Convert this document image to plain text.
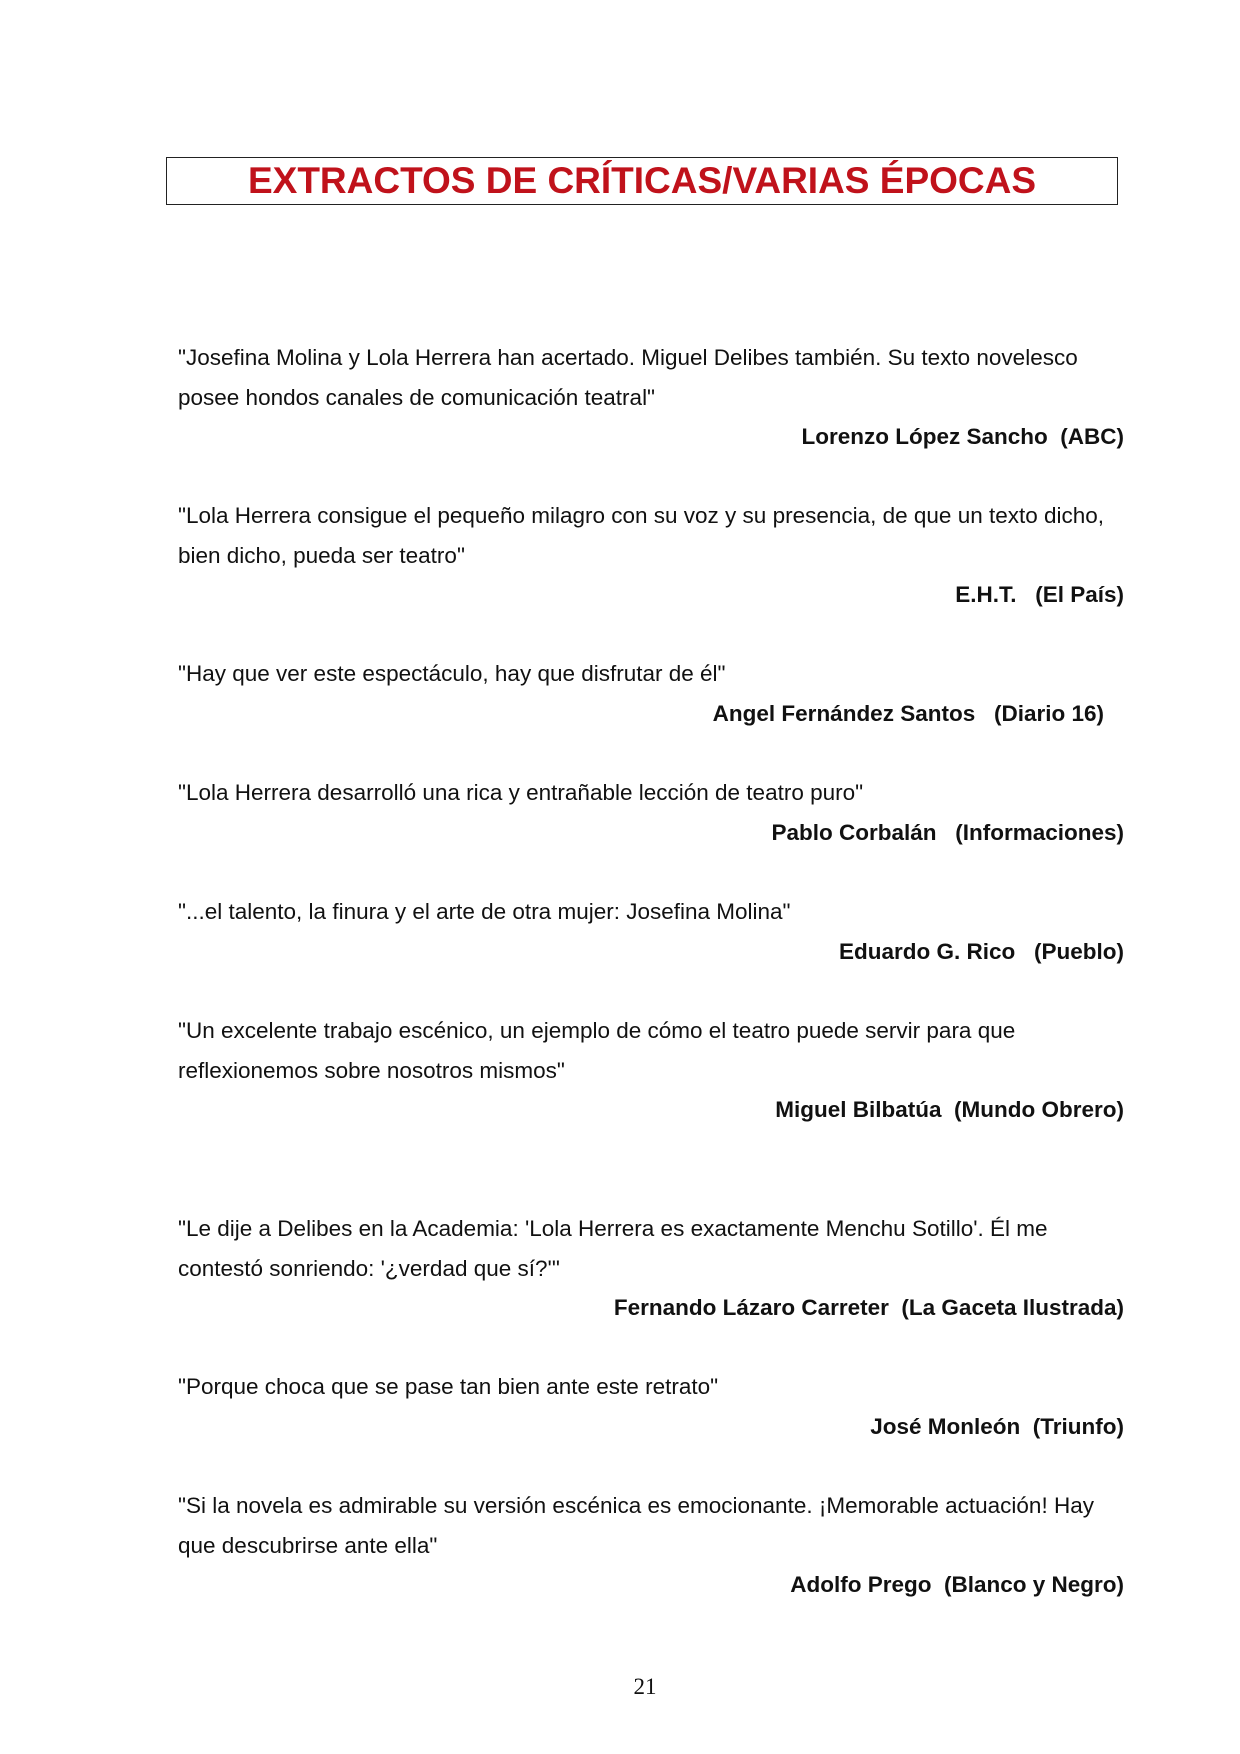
EXTRACTOS DE CRÍTICAS/VARIAS ÉPOCAS

"Josefina Molina y Lola Herrera han acertado. Miguel Delibes también. Su texto novelesco
posee hondos canales de comunicación teatral"

Lorenzo López Sancho  (ABC)

"Lola Herrera consigue el pequeño milagro con su voz y su presencia, de que un texto dicho,
bien dicho, pueda ser teatro"

E.H.T.   (El País)

"Hay que ver este espectáculo, hay que disfrutar de él"

Angel Fernández Santos   (Diario 16)

"Lola Herrera desarrolló una rica y entrañable lección de teatro puro"

Pablo Corbalán   (Informaciones)

"...el talento, la finura y el arte de otra mujer: Josefina Molina"

Eduardo G. Rico   (Pueblo)

"Un excelente trabajo escénico, un ejemplo de cómo el teatro puede servir para que
reflexionemos sobre nosotros mismos"

Miguel Bilbatúa  (Mundo Obrero)

"Le dije a Delibes en la Academia: 'Lola Herrera es exactamente Menchu Sotillo'. Él me
contestó sonriendo: '¿verdad que sí?'"

Fernando Lázaro Carreter  (La Gaceta Ilustrada)

"Porque choca que se pase tan bien ante este retrato"

José Monleón  (Triunfo)

"Si la novela es admirable su versión escénica es emocionante. ¡Memorable actuación! Hay
que descubrirse ante ella"

Adolfo Prego  (Blanco y Negro)

21
